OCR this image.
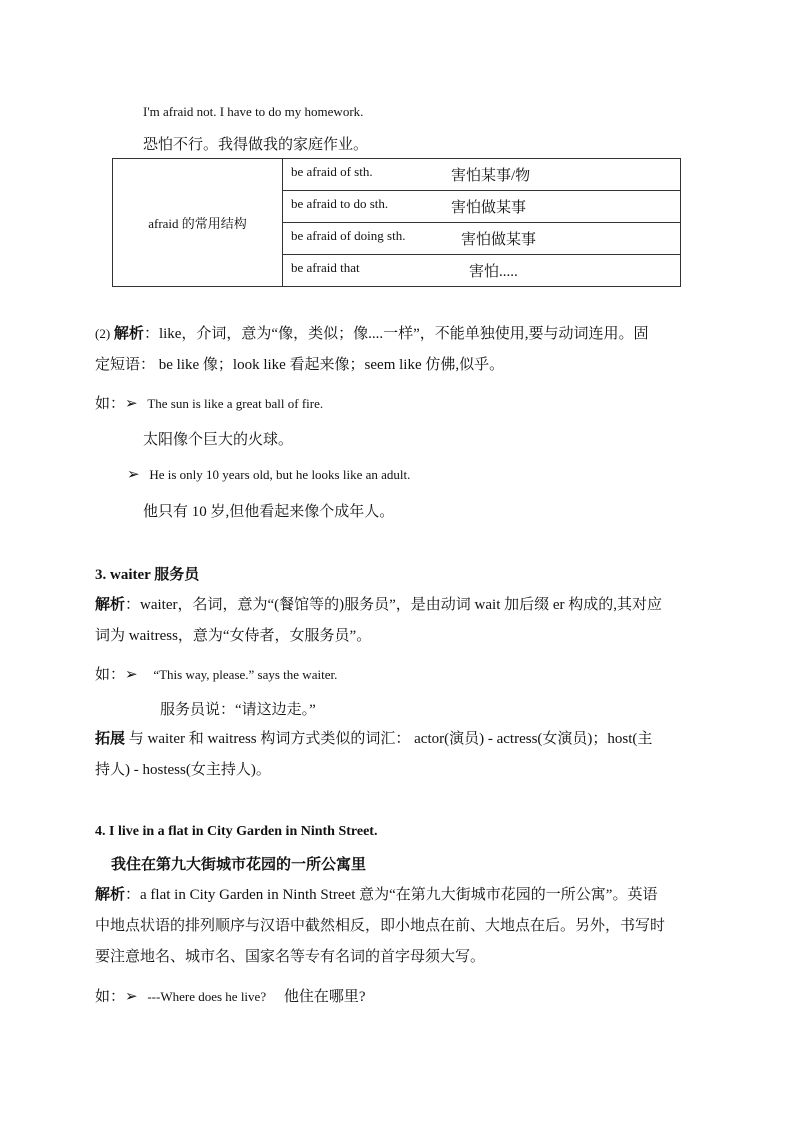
I'm afraid not. I have to do my homework.
恐怕不行。我得做我的家庭作业。
afraid 的常用结构	
be afraid of sth.	害怕某事/物

be afraid to do sth.	害怕做某事

be afraid of doing sth.	害怕做某事

be afraid that	害怕.....
(2) 解析：like，介词，意为“像，类似；像....一样”，不能单独使用,要与动词连用。固
定短语： be like 像；look like 看起来像；seem like 仿佛,似乎。
如：➢ The sun is like a great ball of fire.
太阳像个巨大的火球。
➢ He is only 10 years old, but he looks like an adult.
他只有 10 岁,但他看起来像个成年人。
3. waiter 服务员
解析：waiter，名词，意为“(餐馆等的)服务员”，是由动词 wait 加后缀 er 构成的,其对应
词为 waitress，意为“女侍者，女服务员”。
如：➢ “This way, please.” says the waiter.
服务员说：“请这边走。”
拓展 与 waiter 和 waitress 构词方式类似的词汇： actor(演员) - actress(女演员)；host(主
持人) - hostess(女主持人)。
4. I live in a flat in City Garden in Ninth Street.
我住在第九大街城市花园的一所公寓里
解析：a flat in City Garden in Ninth Street 意为“在第九大街城市花园的一所公寓”。英语
中地点状语的排列顺序与汉语中截然相反，即小地点在前、大地点在后。另外，书写时
要注意地名、城市名、国家名等专有名词的首字母须大写。
如：➢ ---Where does he live? 他住在哪里?
